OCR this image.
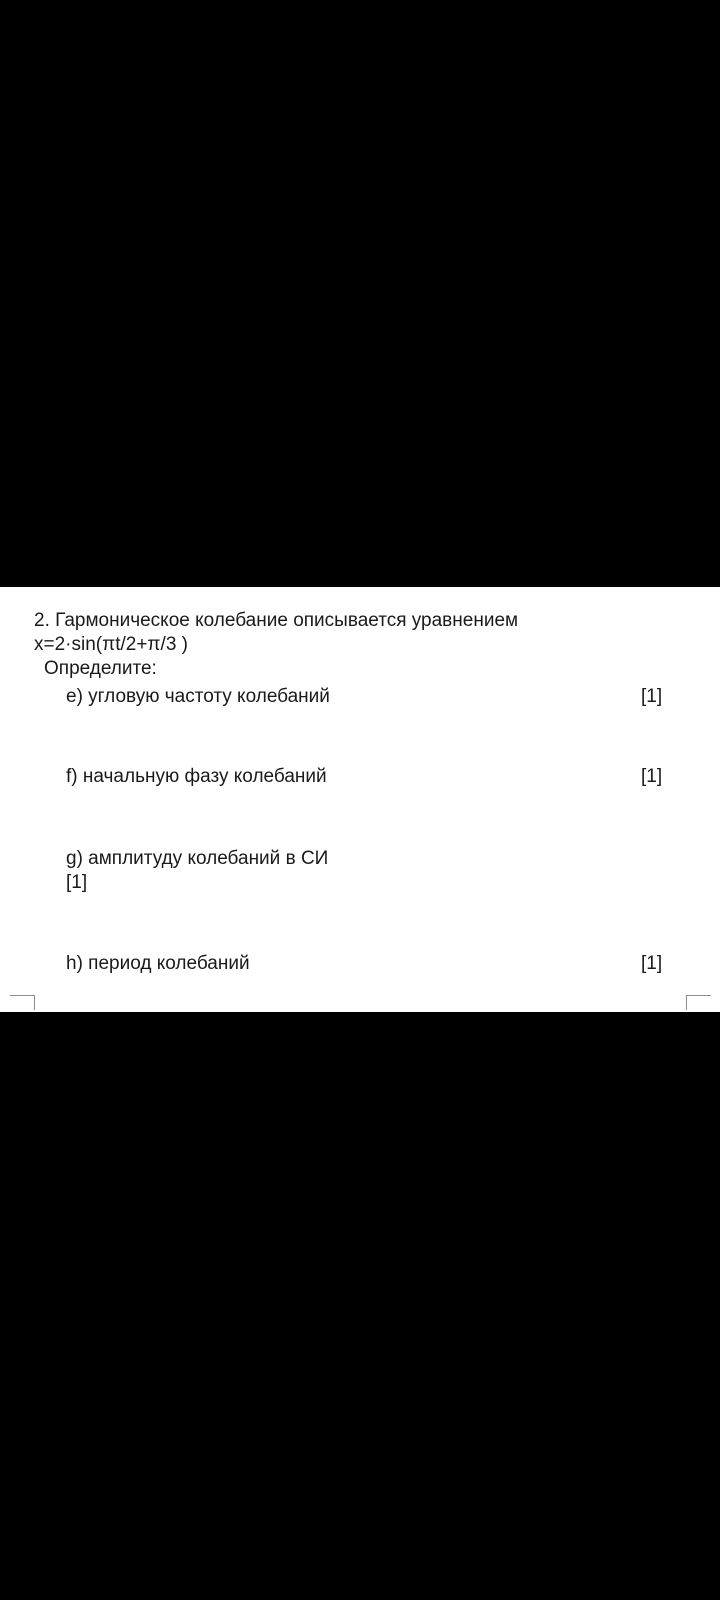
2. Гармоническое колебание описывается уравнением
x=2·sin(πt/2+π/3 )
Определите:
e) угловую частоту колебаний	[1]
f) начальную фазу колебаний	[1]
g) амплитуду колебаний в СИ
[1]
h) период колебаний	[1]
